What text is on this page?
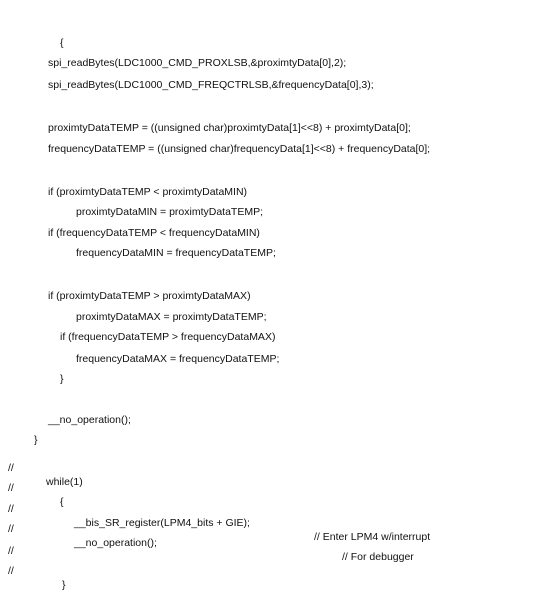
{

spi_readBytes(LDC1000_CMD_PROXLSB,&proximtyData[0],2);

spi_readBytes(LDC1000_CMD_FREQCTRLSB,&frequencyData[0],3);

proximtyDataTEMP = ((unsigned char)proximtyData[1]<<8) + proximtyData[0];

frequencyDataTEMP = ((unsigned char)frequencyData[1]<<8) + frequencyData[0];

if (proximtyDataTEMP < proximtyDataMIN)

proximtyDataMIN = proximtyDataTEMP;

if (frequencyDataTEMP < frequencyDataMIN)

frequencyDataMIN = frequencyDataTEMP;

if (proximtyDataTEMP > proximtyDataMAX)

proximtyDataMAX = proximtyDataTEMP;

if (frequencyDataTEMP > frequencyDataMAX)

frequencyDataMAX = frequencyDataTEMP;

}

__no_operation();

}

//

while(1)

//

{

//

__bis_SR_register(LPM4_bits + GIE);

// Enter LPM4 w/interrupt

//

__no_operation();

// For debugger

//

//

}
